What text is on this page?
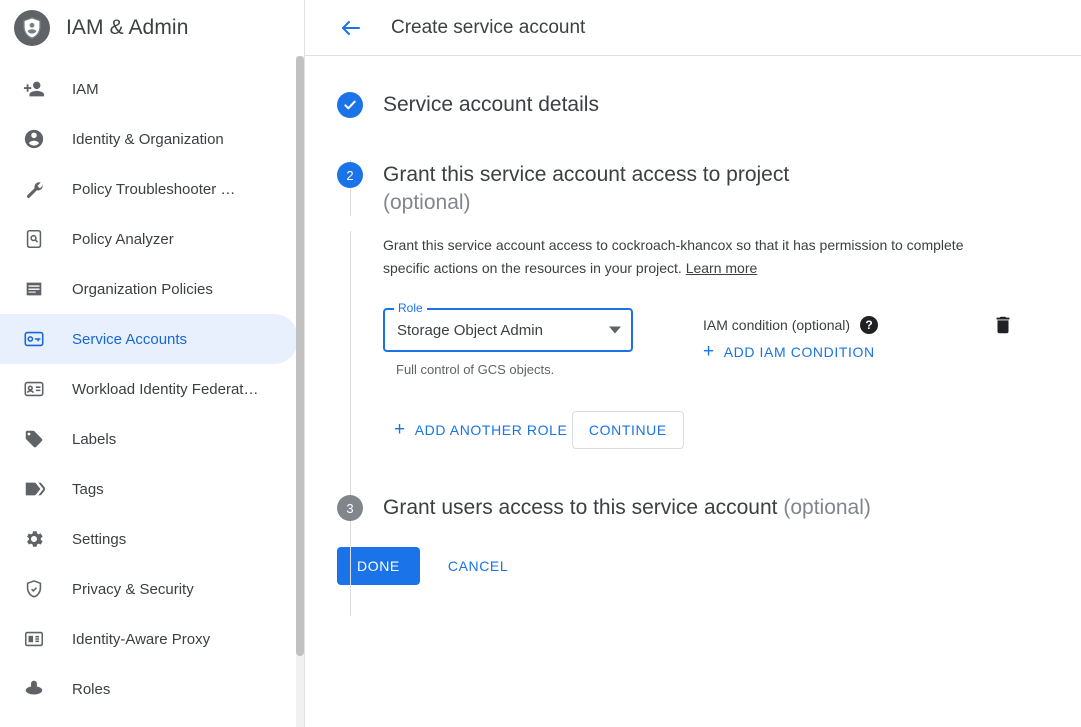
IAM & Admin
IAM
Identity & Organization
Policy Troubleshooter …
Policy Analyzer
Organization Policies
Service Accounts
Workload Identity Federat…
Labels
Tags
Settings
Privacy & Security
Identity-Aware Proxy
Roles
Create service account
Service account details
2	Grant this service account access to project
(optional)
Grant this service account access to cockroach-khancox so that it has permission to complete specific actions on the resources in your project. Learn more
Role
Storage Object Admin
Full control of GCS objects.
IAM condition (optional)	?
+ ADD IAM CONDITION
+ ADD ANOTHER ROLE CONTINUE
3	Grant users access to this service account (optional)
DONE	CANCEL
